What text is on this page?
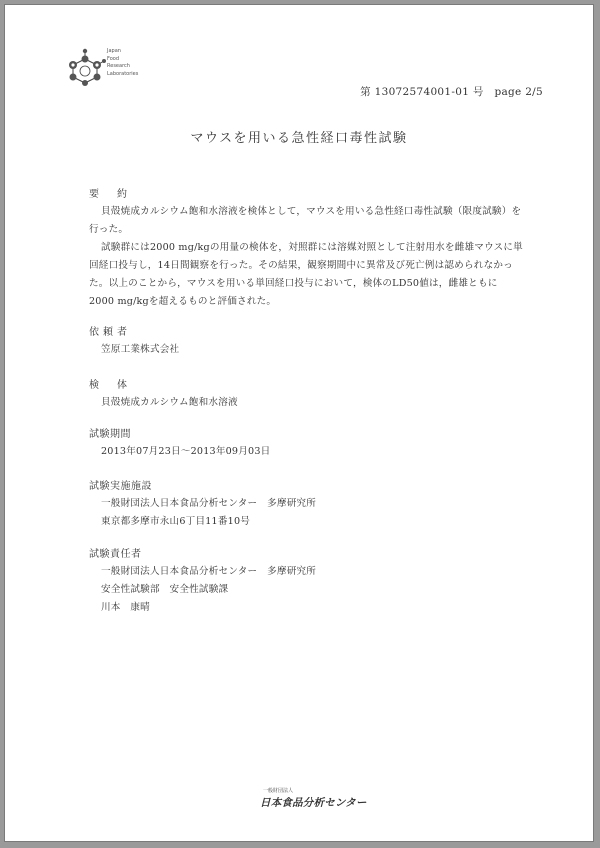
Japan
Food
Research
Laboratories
第 13072574001-01 号　page 2/5
マウスを用いる急性経口毒性試験
要約
貝殻焼成カルシウム飽和水溶液を検体として，マウスを用いる急性経口毒性試験（限度試験）を
行った。
試験群には2000 mg/kgの用量の検体を，対照群には溶媒対照として注射用水を雌雄マウスに単
回経口投与し，14日間観察を行った。その結果，観察期間中に異常及び死亡例は認められなかっ
た。以上のことから，マウスを用いる単回経口投与において，検体のLD50値は，雌雄ともに
2000 mg/kgを超えるものと評価された。
依頼者
笠原工業株式会社
検体
貝殻焼成カルシウム飽和水溶液
試験期間
2013年07月23日～2013年09月03日
試験実施施設
一般財団法人日本食品分析センター　多摩研究所
東京都多摩市永山6丁目11番10号
試験責任者
一般財団法人日本食品分析センター　多摩研究所
安全性試験部　安全性試験課
川本　康晴
一般財団法人
日本食品分析センター
